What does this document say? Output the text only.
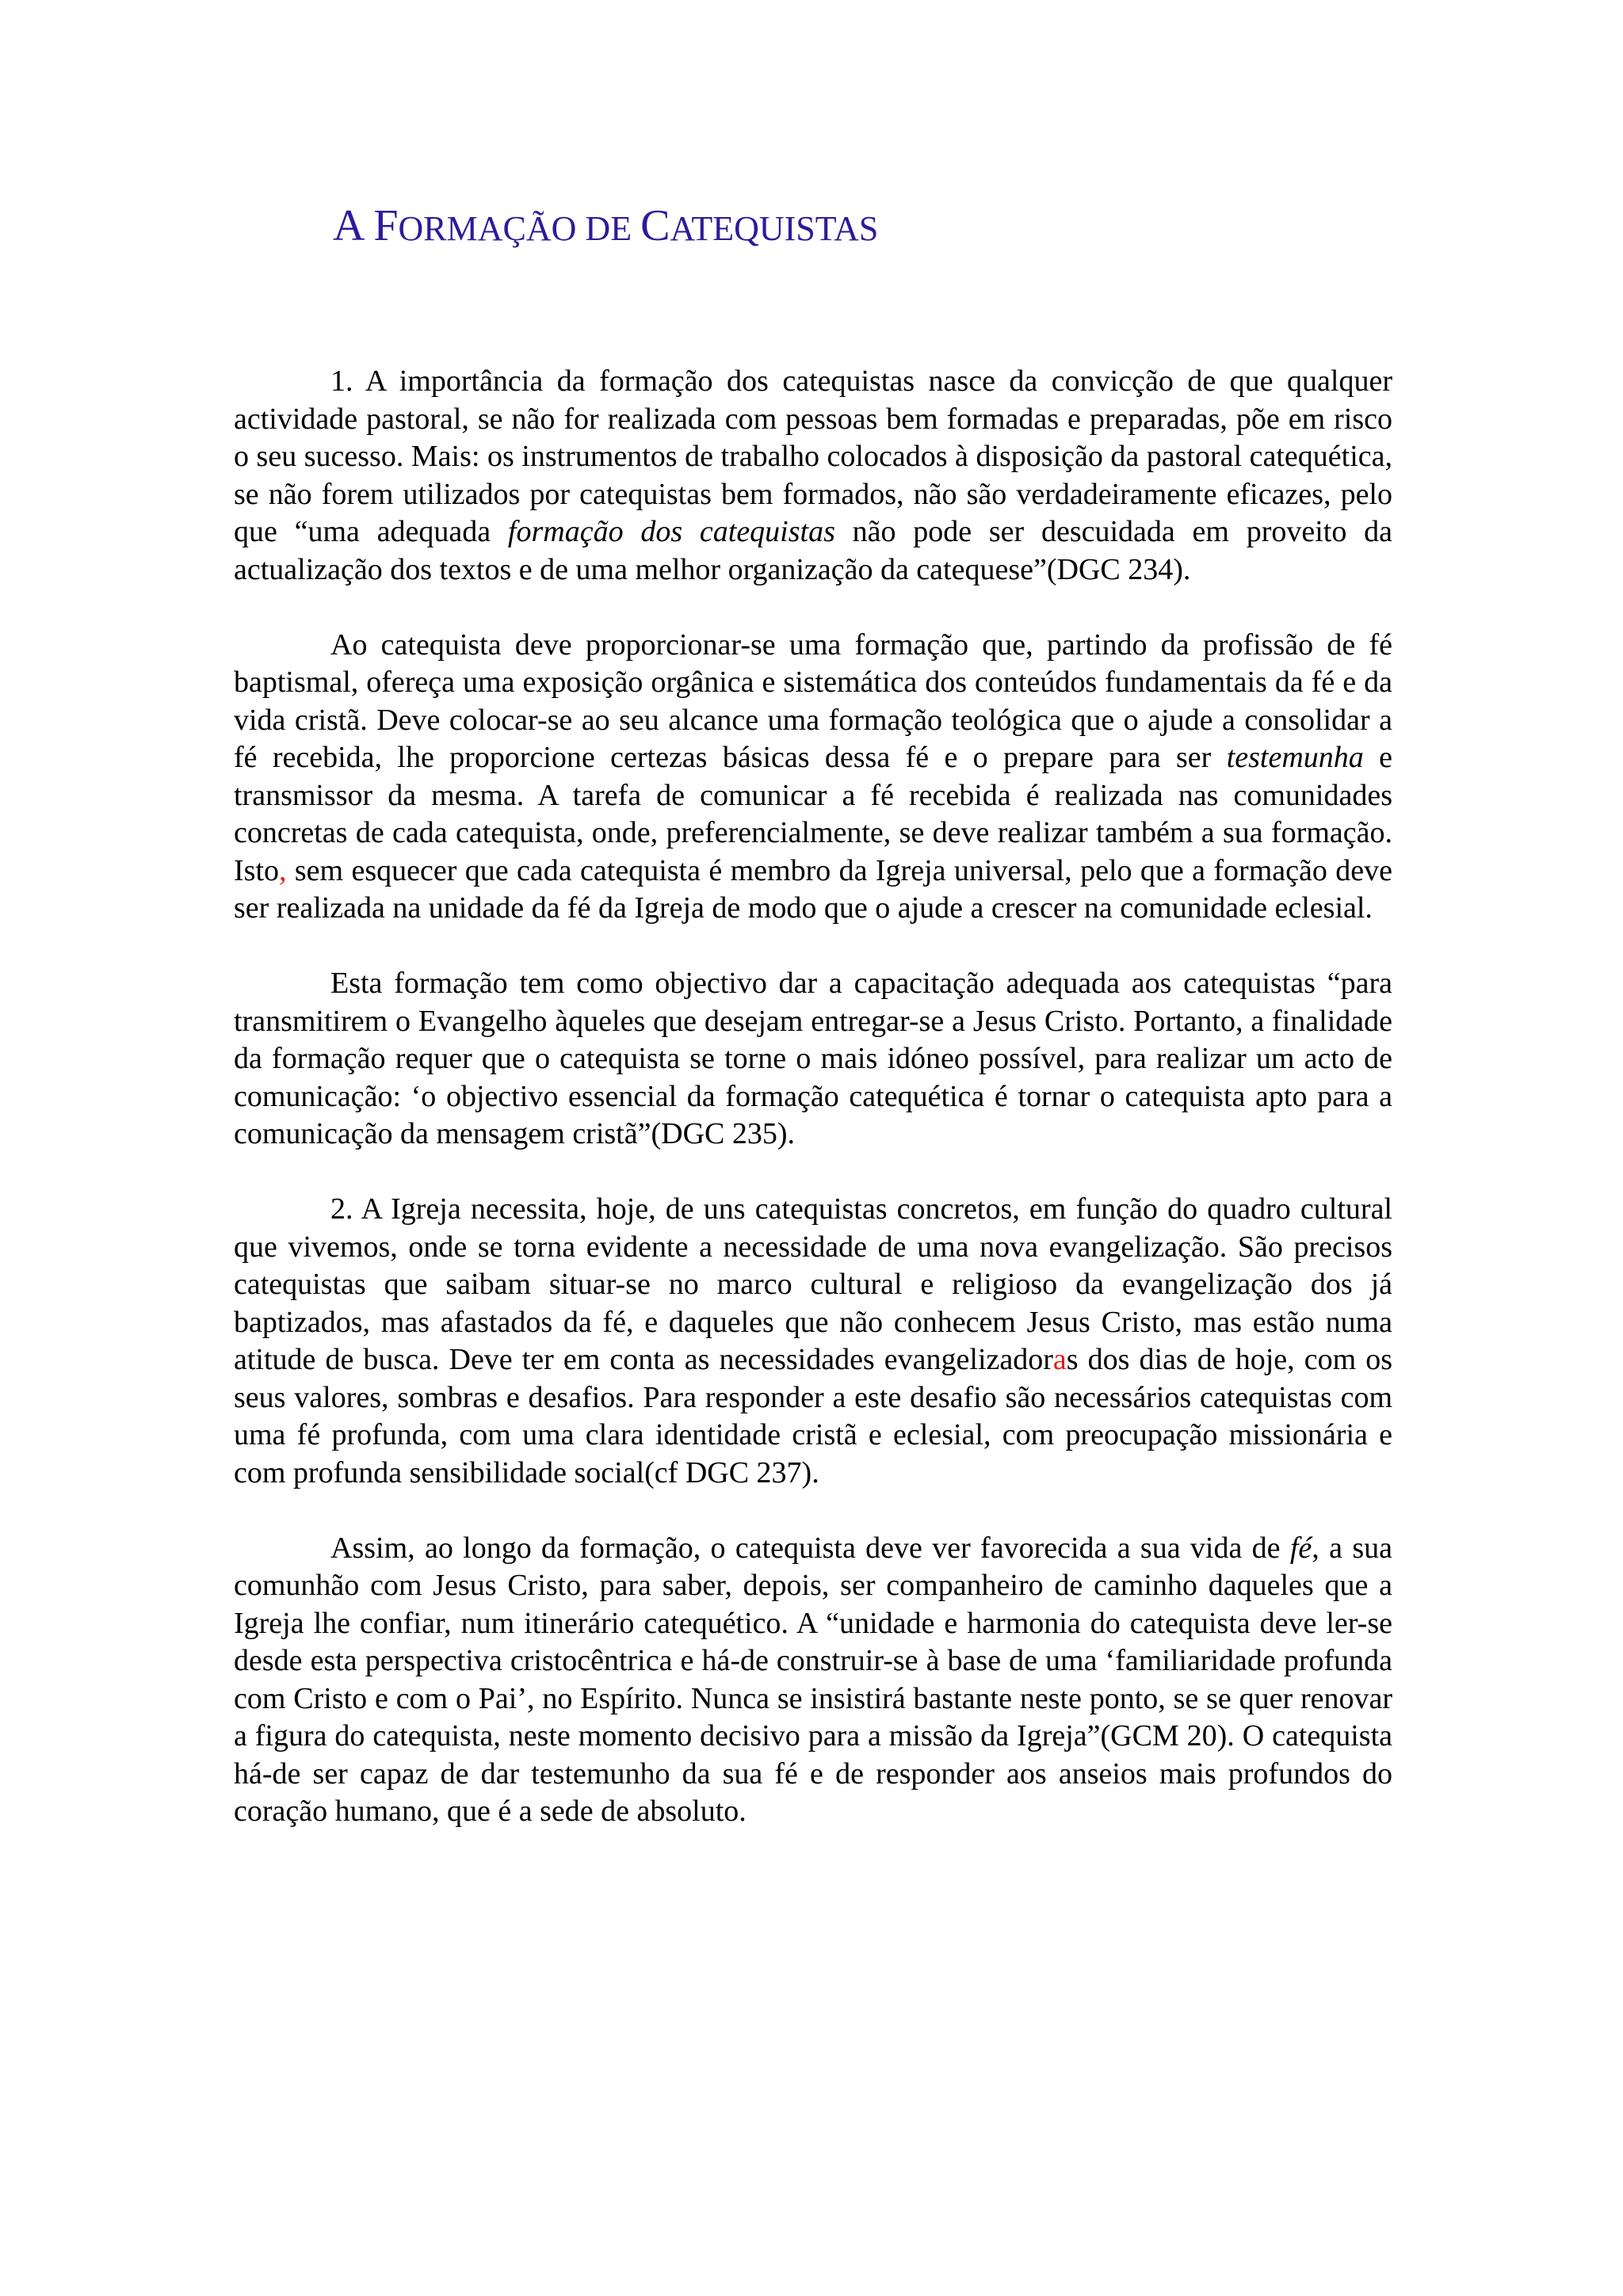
A FORMAÇÃO DE CATEQUISTAS

1. A importância da formação dos catequistas nasce da convicção de que qualquer actividade pastoral, se não for realizada com pessoas bem formadas e preparadas, põe em risco o seu sucesso. Mais: os instrumentos de trabalho colocados à disposição da pastoral catequética, se não forem utilizados por catequistas bem formados, não são verdadeiramente eficazes, pelo que “uma adequada formação dos catequistas não pode ser descuidada em proveito da actualização dos textos e de uma melhor organização da catequese”(DGC 234).

Ao catequista deve proporcionar-se uma formação que, partindo da profissão de fé baptismal, ofereça uma exposição orgânica e sistemática dos conteúdos fundamentais da fé e da vida cristã. Deve colocar-se ao seu alcance uma formação teológica que o ajude a consolidar a fé recebida, lhe proporcione certezas básicas dessa fé e o prepare para ser testemunha e transmissor da mesma. A tarefa de comunicar a fé recebida é realizada nas comunidades concretas de cada catequista, onde, preferencialmente, se deve realizar também a sua formação. Isto, sem esquecer que cada catequista é membro da Igreja universal, pelo que a formação deve ser realizada na unidade da fé da Igreja de modo que o ajude a crescer na comunidade eclesial.

Esta formação tem como objectivo dar a capacitação adequada aos catequistas “para transmitirem o Evangelho àqueles que desejam entregar-se a Jesus Cristo. Portanto, a finalidade da formação requer que o catequista se torne o mais idóneo possível, para realizar um acto de comunicação: ‘o objectivo essencial da formação catequética é tornar o catequista apto para a comunicação da mensagem cristã”(DGC 235).

2. A Igreja necessita, hoje, de uns catequistas concretos, em função do quadro cultural que vivemos, onde se torna evidente a necessidade de uma nova evangelização. São precisos catequistas que saibam situar-se no marco cultural e religioso da evangelização dos já baptizados, mas afastados da fé, e daqueles que não conhecem Jesus Cristo, mas estão numa atitude de busca. Deve ter em conta as necessidades evangelizadoras dos dias de hoje, com os seus valores, sombras e desafios. Para responder a este desafio são necessários catequistas com uma fé profunda, com uma clara identidade cristã e eclesial, com preocupação missionária e com profunda sensibilidade social(cf DGC 237).

Assim, ao longo da formação, o catequista deve ver favorecida a sua vida de fé, a sua comunhão com Jesus Cristo, para saber, depois, ser companheiro de caminho daqueles que a Igreja lhe confiar, num itinerário catequético. A “unidade e harmonia do catequista deve ler-se desde esta perspectiva cristocêntrica e há-de construir-se à base de uma ‘familiaridade profunda com Cristo e com o Pai’, no Espírito. Nunca se insistirá bastante neste ponto, se se quer renovar a figura do catequista, neste momento decisivo para a missão da Igreja”(GCM 20). O catequista há-de ser capaz de dar testemunho da sua fé e de responder aos anseios mais profundos do coração humano, que é a sede de absoluto.
